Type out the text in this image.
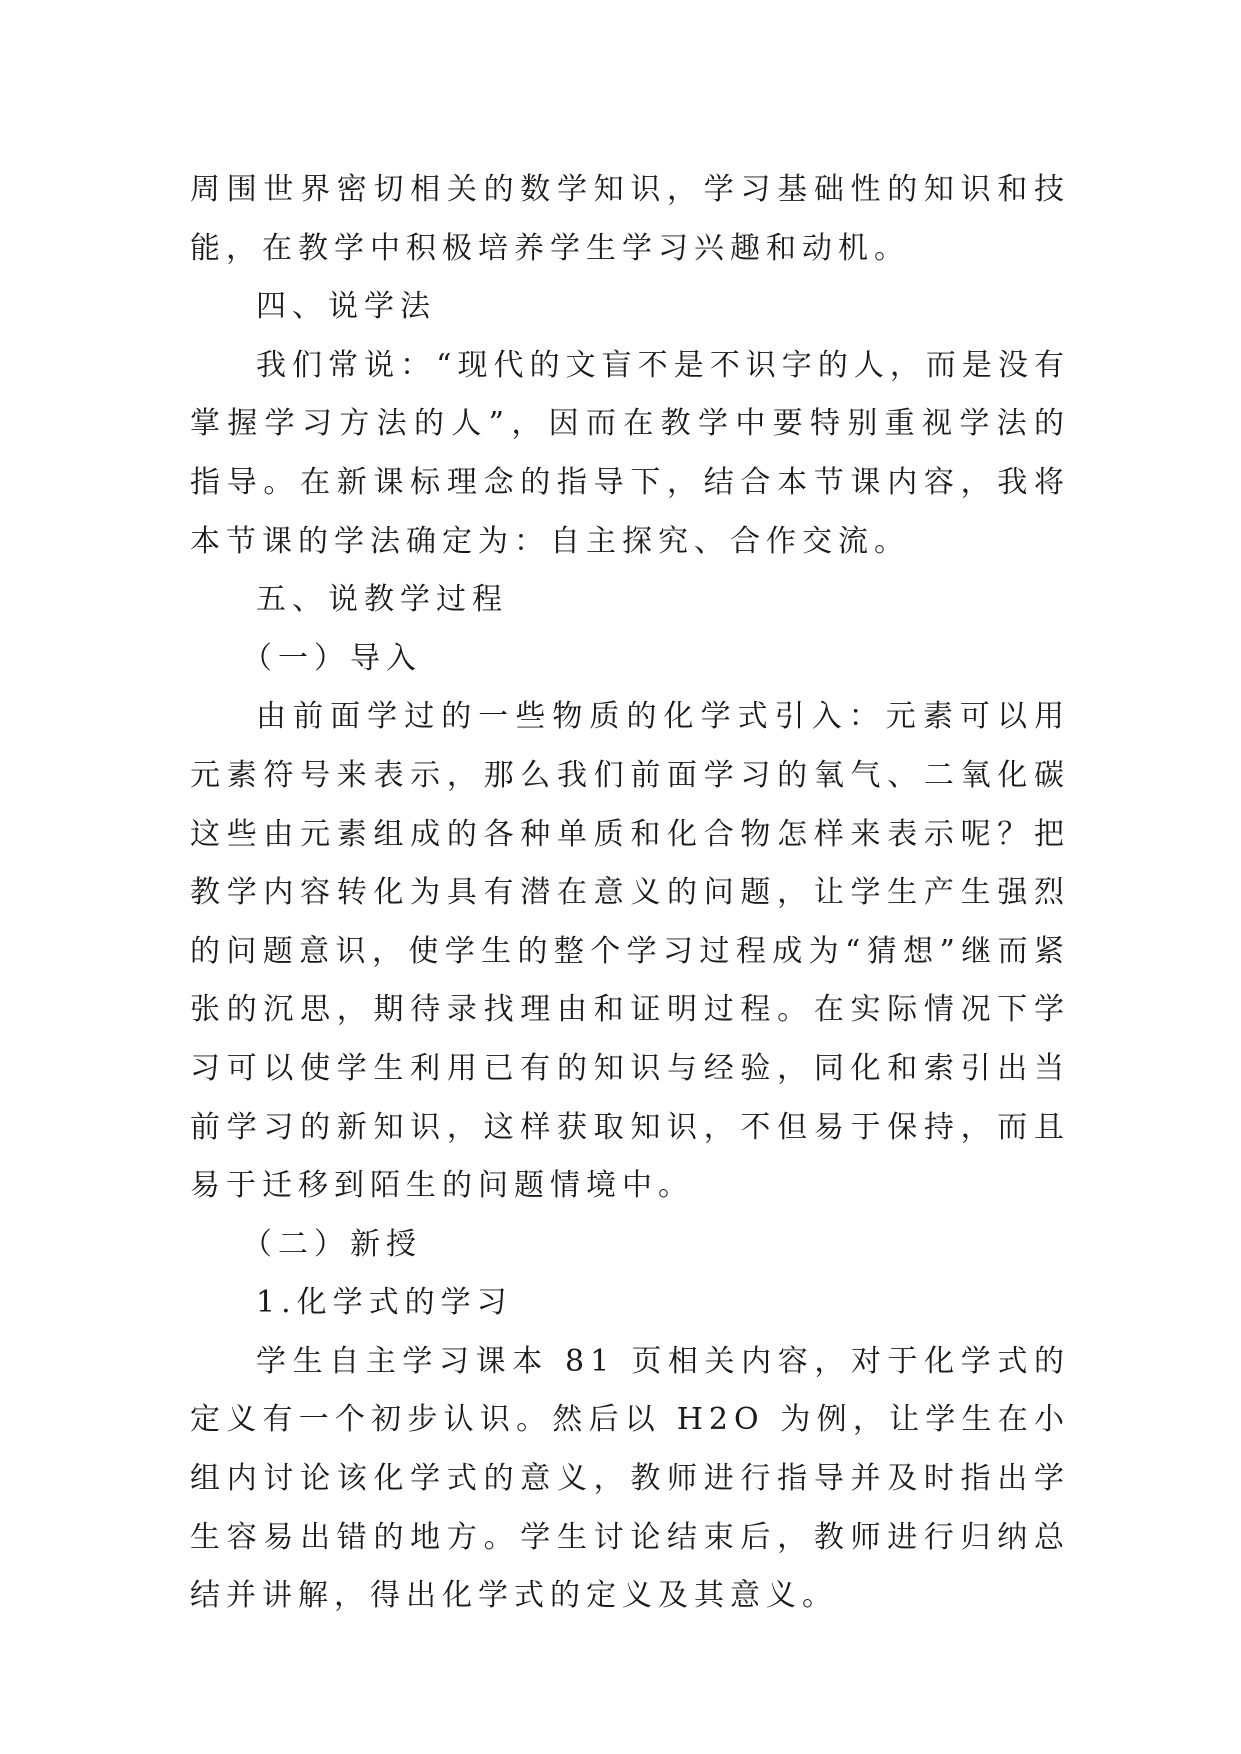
周围世界密切相关的数学知识，学习基础性的知识和技能，在教学中积极培养学生学习兴趣和动机。

四、说学法

我们常说：“现代的文盲不是不识字的人，而是没有掌握学习方法的人”，因而在教学中要特别重视学法的指导。在新课标理念的指导下，结合本节课内容，我将本节课的学法确定为：自主探究、合作交流。

五、说教学过程

（一）导入

由前面学过的一些物质的化学式引入：元素可以用元素符号来表示，那么我们前面学习的氧气、二氧化碳这些由元素组成的各种单质和化合物怎样来表示呢？把教学内容转化为具有潜在意义的问题，让学生产生强烈的问题意识，使学生的整个学习过程成为“猜想”继而紧张的沉思，期待录找理由和证明过程。在实际情况下学习可以使学生利用已有的知识与经验，同化和索引出当前学习的新知识，这样获取知识，不但易于保持，而且易于迁移到陌生的问题情境中。

（二）新授

1.化学式的学习

学生自主学习课本 81 页相关内容，对于化学式的定义有一个初步认识。然后以 H2O 为例，让学生在小组内讨论该化学式的意义，教师进行指导并及时指出学生容易出错的地方。学生讨论结束后，教师进行归纳总结并讲解，得出化学式的定义及其意义。
